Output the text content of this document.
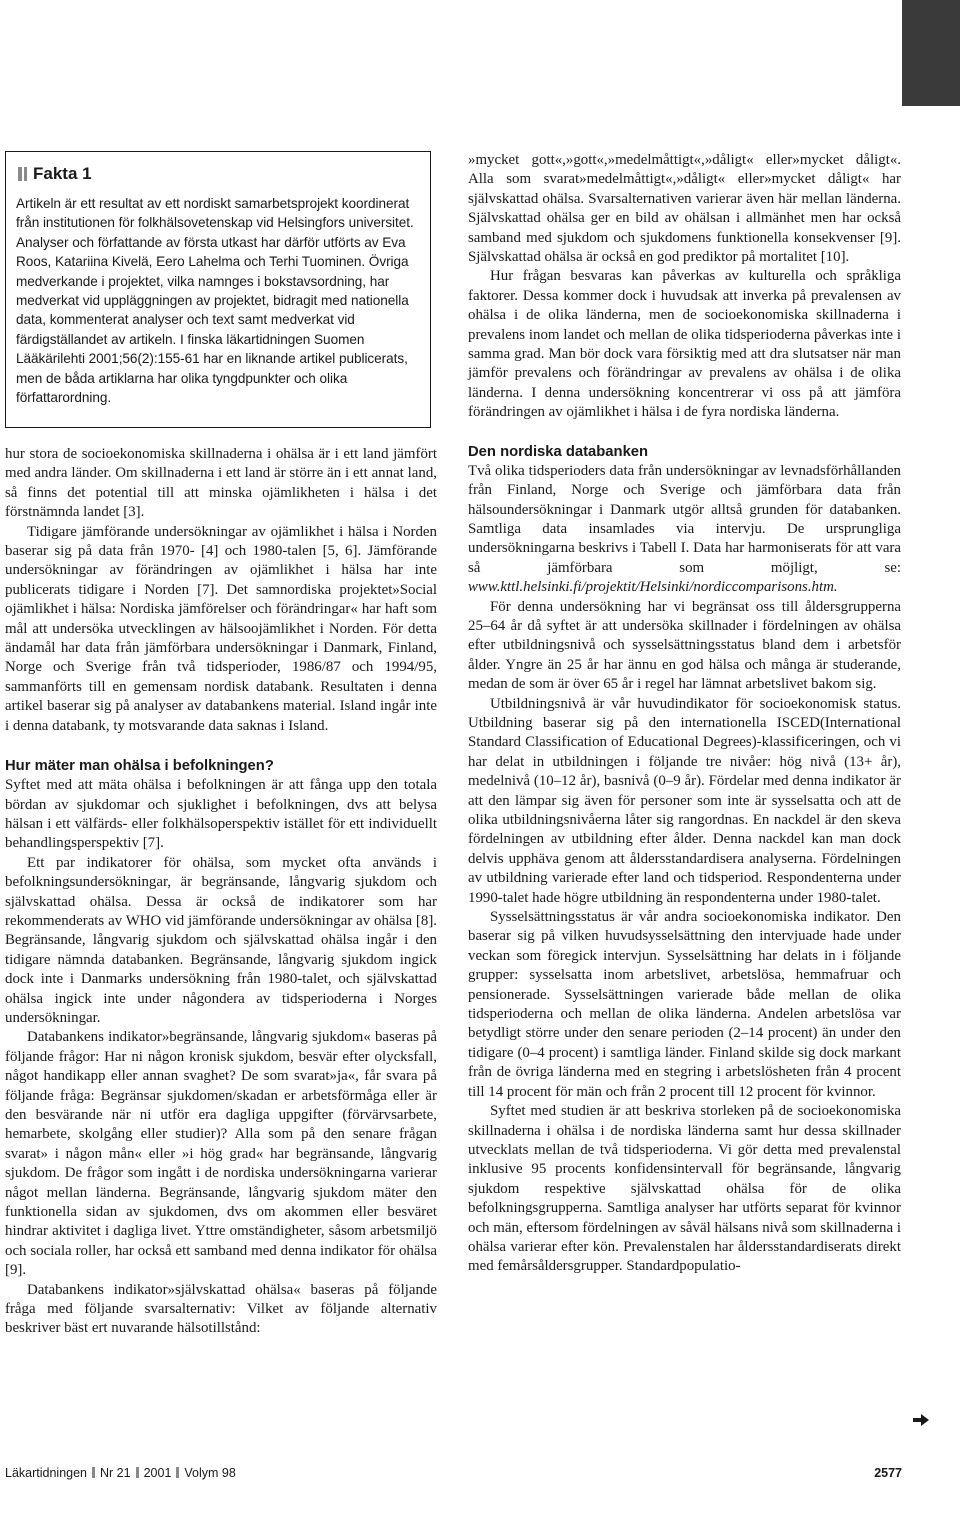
Fakta 1

Artikeln är ett resultat av ett nordiskt samarbetsprojekt koordinerat från institutionen för folkhälsovetenskap vid Helsingfors universitet. Analyser och författande av första utkast har därför utförts av Eva Roos, Katariina Kivelä, Eero Lahelma och Terhi Tuominen. Övriga medverkande i projektet, vilka namnges i bokstavsordning, har medverkat vid uppläggningen av projektet, bidragit med nationella data, kommenterat analyser och text samt medverkat vid färdigställandet av artikeln. I finska läkartidningen Suomen Lääkärilehti 2001;56(2):155-61 har en liknande artikel publicerats, men de båda artiklarna har olika tyngdpunkter och olika författarordning.

hur stora de socioekonomiska skillnaderna i ohälsa är i ett land jämfört med andra länder. Om skillnaderna i ett land är större än i ett annat land, så finns det potential till att minska ojämlikheten i hälsa i det förstnämnda landet [3].

Tidigare jämförande undersökningar av ojämlikhet i hälsa i Norden baserar sig på data från 1970- [4] och 1980-talen [5, 6]. Jämförande undersökningar av förändringen av ojämlikhet i hälsa har inte publicerats tidigare i Norden [7]. Det samnordiska projektet»Social ojämlikhet i hälsa: Nordiska jämförelser och förändringar« har haft som mål att undersöka utvecklingen av hälsoojämlikhet i Norden. För detta ändamål har data från jämförbara undersökningar i Danmark, Finland, Norge och Sverige från två tidsperioder, 1986/87 och 1994/95, sammanförts till en gemensam nordisk databank. Resultaten i denna artikel baserar sig på analyser av databankens material. Island ingår inte i denna databank, ty motsvarande data saknas i Island.

Hur mäter man ohälsa i befolkningen?

Syftet med att mäta ohälsa i befolkningen är att fånga upp den totala bördan av sjukdomar och sjuklighet i befolkningen, dvs att belysa hälsan i ett välfärds- eller folkhälsoperspektiv istället för ett individuellt behandlingsperspektiv [7].

Ett par indikatorer för ohälsa, som mycket ofta används i befolkningsundersökningar, är begränsande, långvarig sjukdom och självskattad ohälsa. Dessa är också de indikatorer som har rekommenderats av WHO vid jämförande undersökningar av ohälsa [8]. Begränsande, långvarig sjukdom och självskattad ohälsa ingår i den tidigare nämnda databanken. Begränsande, långvarig sjukdom ingick dock inte i Danmarks undersökning från 1980-talet, och självskattad ohälsa ingick inte under någondera av tidsperioderna i Norges undersökningar.

Databankens indikator»begränsande, långvarig sjukdom« baseras på följande frågor: Har ni någon kronisk sjukdom, besvär efter olycksfall, något handikapp eller annan svaghet? De som svarat»ja«, får svara på följande fråga: Begränsar sjukdomen/skadan er arbetsförmåga eller är den besvärande när ni utför era dagliga uppgifter (förvärvsarbete, hemarbete, skolgång eller studier)? Alla som på den senare frågan svarat» i någon mån« eller »i hög grad« har begränsande, långvarig sjukdom. De frågor som ingått i de nordiska undersökningarna varierar något mellan länderna. Begränsande, långvarig sjukdom mäter den funktionella sidan av sjukdomen, dvs om akommen eller besväret hindrar aktivitet i dagliga livet. Yttre omständigheter, såsom arbetsmiljö och sociala roller, har också ett samband med denna indikator för ohälsa [9].

Databankens indikator»självskattad ohälsa« baseras på följande fråga med följande svarsalternativ: Vilket av följande alternativ beskriver bäst ert nuvarande hälsotillstånd:

»mycket gott«,»gott«,»medelmåttigt«,»dåligt« eller»mycket dåligt«. Alla som svarat»medelmåttigt«,»dåligt« eller»mycket dåligt« har självskattad ohälsa. Svarsalternativen varierar även här mellan länderna. Självskattad ohälsa ger en bild av ohälsan i allmänhet men har också samband med sjukdom och sjukdomens funktionella konsekvenser [9]. Självskattad ohälsa är också en god prediktor på mortalitet [10].

Hur frågan besvaras kan påverkas av kulturella och språkliga faktorer. Dessa kommer dock i huvudsak att inverka på prevalensen av ohälsa i de olika länderna, men de socioekonomiska skillnaderna i prevalens inom landet och mellan de olika tidsperioderna påverkas inte i samma grad. Man bör dock vara försiktig med att dra slutsatser när man jämför prevalens och förändringar av prevalens av ohälsa i de olika länderna. I denna undersökning koncentrerar vi oss på att jämföra förändringen av ojämlikhet i hälsa i de fyra nordiska länderna.

Den nordiska databanken

Två olika tidsperioders data från undersökningar av levnadsförhållanden från Finland, Norge och Sverige och jämförbara data från hälsoundersökningar i Danmark utgör alltså grunden för databanken. Samtliga data insamlades via intervju. De ursprungliga undersökningarna beskrivs i Tabell I. Data har harmoniserats för att vara så jämförbara som möjligt, se: www.kttl.helsinki.fi/projektit/Helsinki/nordiccomparisons.htm.

För denna undersökning har vi begränsat oss till åldersgrupperna 25–64 år då syftet är att undersöka skillnader i fördelningen av ohälsa efter utbildningsnivå och sysselsättningsstatus bland dem i arbetsför ålder. Yngre än 25 år har ännu en god hälsa och många är studerande, medan de som är över 65 år i regel har lämnat arbetslivet bakom sig.

Utbildningsnivå är vår huvudindikator för socioekonomisk status. Utbildning baserar sig på den internationella ISCED(International Standard Classification of Educational Degrees)-klassificeringen, och vi har delat in utbildningen i följande tre nivåer: hög nivå (13+ år), medelnivå (10–12 år), basnivå (0–9 år). Fördelar med denna indikator är att den lämpar sig även för personer som inte är sysselsatta och att de olika utbildningsnivåerna låter sig rangordnas. En nackdel är den skeva fördelningen av utbildning efter ålder. Denna nackdel kan man dock delvis upphäva genom att åldersstandardisera analyserna. Fördelningen av utbildning varierade efter land och tidsperiod. Respondenterna under 1990-talet hade högre utbildning än respondenterna under 1980-talet.

Sysselsättningsstatus är vår andra socioekonomiska indikator. Den baserar sig på vilken huvudsysselsättning den intervjuade hade under veckan som föregick intervjun. Sysselsättning har delats in i följande grupper: sysselsatta inom arbetslivet, arbetslösa, hemmafruar och pensionerade. Sysselsättningen varierade både mellan de olika tidsperioderna och mellan de olika länderna. Andelen arbetslösa var betydligt större under den senare perioden (2–14 procent) än under den tidigare (0–4 procent) i samtliga länder. Finland skilde sig dock markant från de övriga länderna med en stegring i arbetslösheten från 4 procent till 14 procent för män och från 2 procent till 12 procent för kvinnor.

Syftet med studien är att beskriva storleken på de socioekonomiska skillnaderna i ohälsa i de nordiska länderna samt hur dessa skillnader utvecklats mellan de två tidsperioderna. Vi gör detta med prevalenstal inklusive 95 procents konfidensintervall för begränsande, långvarig sjukdom respektive självskattad ohälsa för de olika befolkningsgrupperna. Samtliga analyser har utförts separat för kvinnor och män, eftersom fördelningen av såväl hälsans nivå som skillnaderna i ohälsa varierar efter kön. Prevalenstalen har åldersstandardiserats direkt med femårsåldersgrupper. Standardpopulatio-

Läkartidningen Nr 21 2001 Volym 98	2577
